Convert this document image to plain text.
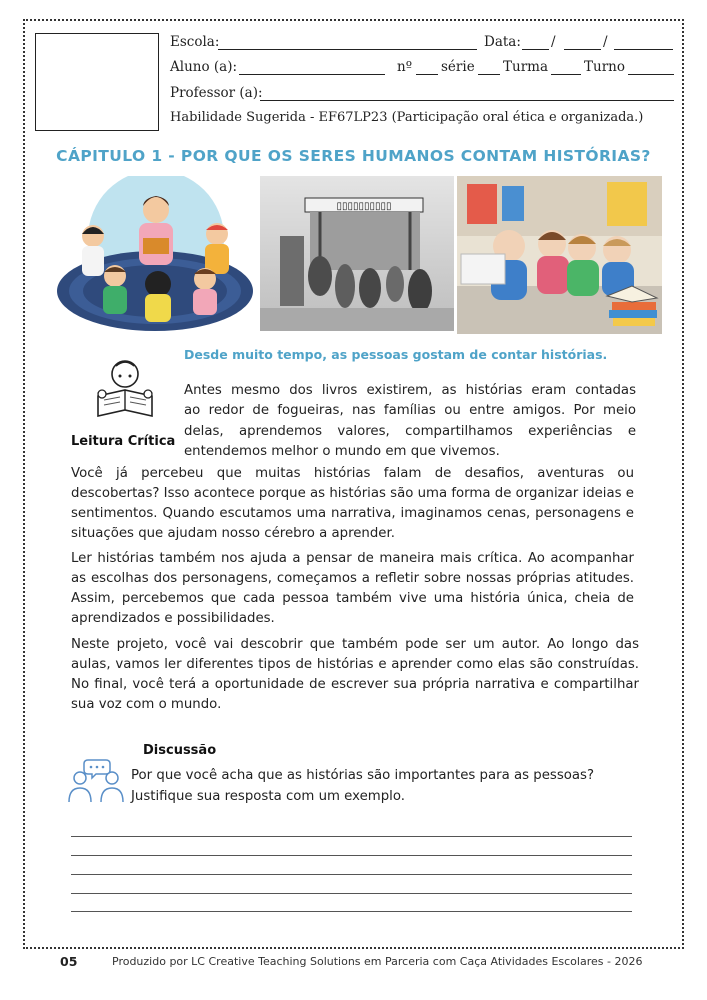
Escola:	Data: /	/
Aluno (a):	nº série Turma	Turno
Professor (a):
Habilidade Sugerida - EF67LP23 (Participação oral ética e organizada.)
CÁPITULO 1 - POR QUE OS SERES HUMANOS CONTAM HISTÓRIAS?
▯▯▯▯▯▯▯▯▯▯
Desde muito tempo, as pessoas gostam de contar histórias.
Leitura Crítica
Antes mesmo dos livros existirem, as histórias eram contadas
ao redor de fogueiras, nas famílias ou entre amigos. Por meio
delas, aprendemos valores, compartilhamos experiências e
entendemos melhor o mundo em que vivemos.
Você já percebeu que muitas histórias falam de desafios, aventuras ou descobertas? Isso acontece porque as histórias são uma forma de organizar ideias e sentimentos. Quando escutamos uma narrativa, imaginamos cenas, personagens e situações que ajudam nosso cérebro a aprender.
Ler histórias também nos ajuda a pensar de maneira mais crítica. Ao acompanhar as escolhas dos personagens, começamos a refletir sobre nossas próprias atitudes. Assim, percebemos que cada pessoa também vive uma história única, cheia de aprendizados e possibilidades.
Neste projeto, você vai descobrir que também pode ser um autor. Ao longo das aulas, vamos ler diferentes tipos de histórias e aprender como elas são construídas. No final, você terá a oportunidade de escrever sua própria narrativa e compartilhar sua voz com o mundo.
Discussão
Por que você acha que as histórias são importantes para as pessoas?
Justifique sua resposta com um exemplo.
05	Produzido por LC Creative Teaching Solutions em Parceria com Caça Atividades Escolares - 2026
